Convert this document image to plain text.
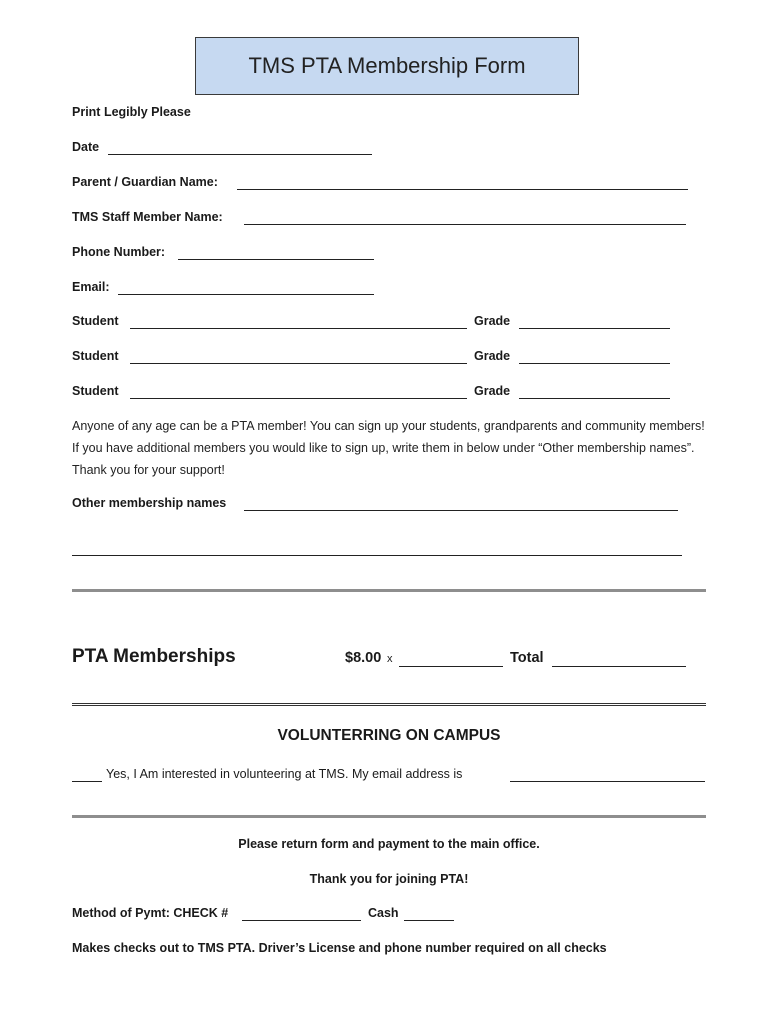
TMS PTA Membership Form
Print Legibly Please
Date
Parent / Guardian Name:
TMS Staff Member Name:
Phone Number:
Email:
Student	Grade
Student	Grade
Student	Grade
Anyone of any age can be a PTA member! You can sign up your students, grandparents and community members! If you have additional members you would like to sign up, write them in below under “Other membership names”. Thank you for your support!
Other membership names
PTA Memberships	$8.00 x	Total
VOLUNTERRING ON CAMPUS
Yes, I Am interested in volunteering at TMS. My email address is
Please return form and payment to the main office.
Thank you for joining PTA!
Method of Pymt: CHECK #	Cash
Makes checks out to TMS PTA. Driver’s License and phone number required on all checks
